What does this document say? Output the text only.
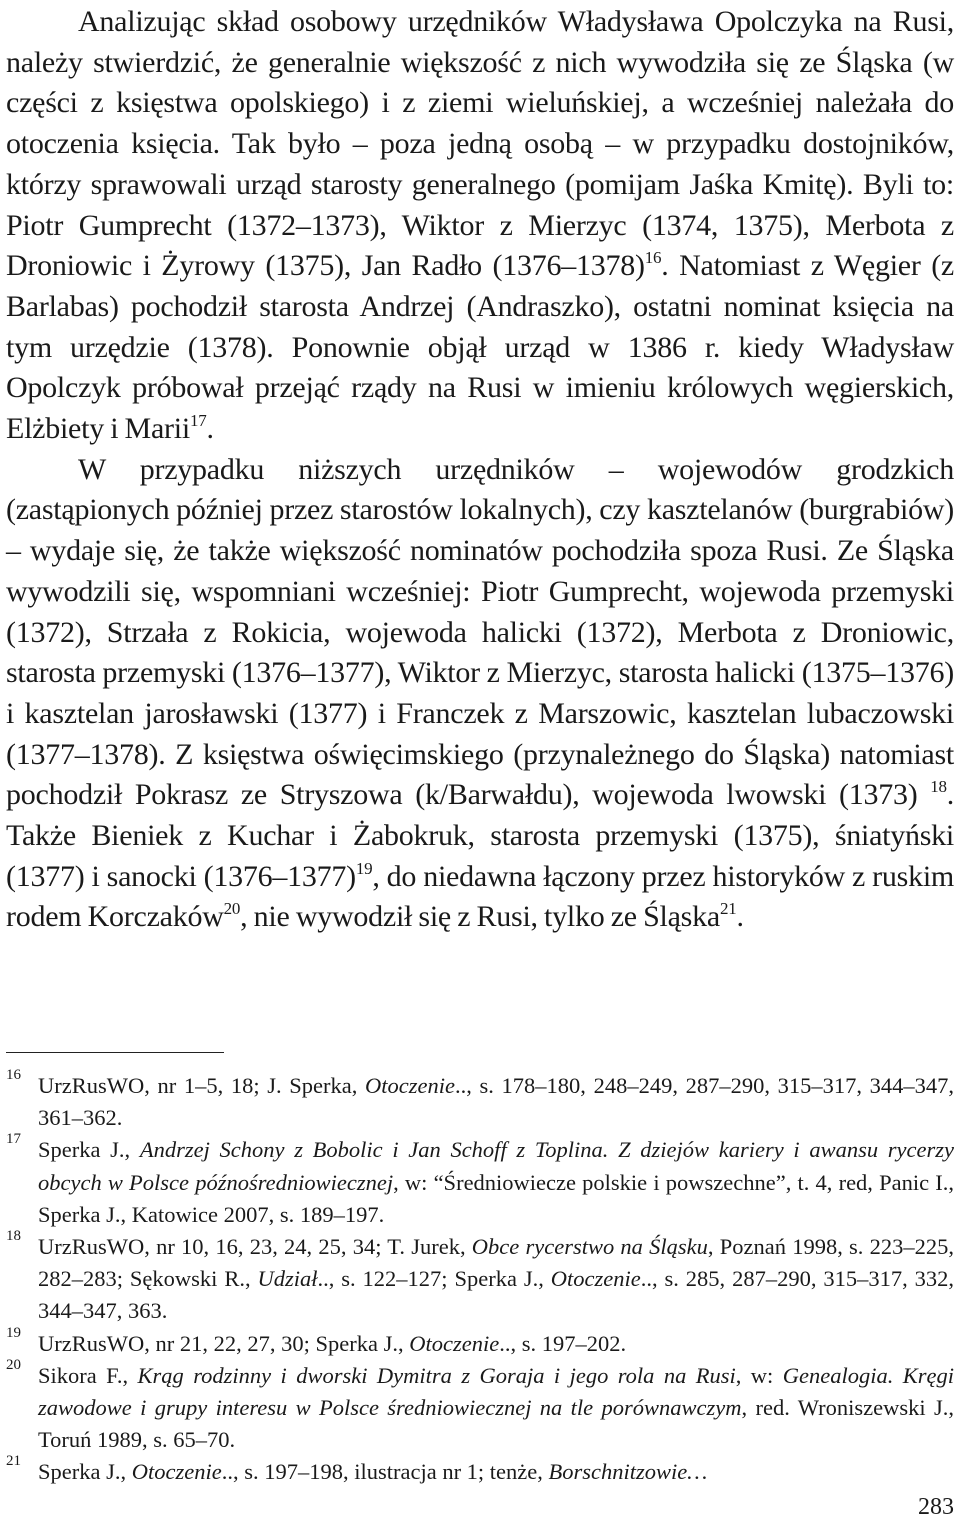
Analizując skład osobowy urzędników Władysława Opolczyka na Rusi, należy stwierdzić, że generalnie większość z nich wywodziła się ze Śląska (w części z księstwa opolskiego) i z ziemi wieluńskiej, a wcześniej należała do otoczenia księcia. Tak było – poza jedną osobą – w przypadku dostojników, którzy sprawowali urząd starosty generalnego (pomijam Jaśka Kmitę). Byli to: Piotr Gumprecht (1372–1373), Wiktor z Mierzyc (1374, 1375), Merbota z Droniowic i Żyrowy (1375), Jan Radło (1376–1378)$^{16}$. Natomiast z Węgier (z Barlabas) pochodził starosta Andrzej (Andraszko), ostatni nominat księcia na tym urzędzie (1378). Ponownie objął urząd w 1386 r. kiedy Władysław Opolczyk próbował przejąć rządy na Rusi w imieniu królowych węgierskich, Elżbiety i Marii$^{17}$.

W przypadku niższych urzędników – wojewodów grodzkich (zastąpionych później przez starostów lokalnych), czy kasztelanów (burgrabiów) – wydaje się, że także większość nominatów pochodziła spoza Rusi. Ze Śląska wywodzili się, wspomniani wcześniej: Piotr Gumprecht, wojewoda przemyski (1372), Strzała z Rokicia, wojewoda halicki (1372), Merbota z Droniowic, starosta przemyski (1376–1377), Wiktor z Mierzyc, starosta halicki (1375–1376) i kasztelan jarosławski (1377) i Franczek z Marszowic, kasztelan lubaczowski (1377–1378). Z księstwa oświęcimskiego (przynależnego do Śląska) natomiast pochodził Pokrasz ze Stryszowa (k/Barwałdu), wojewoda lwowski (1373) $^{18}$. Także Bieniek z Kuchar i Żabokruk, starosta przemyski (1375), śniatyński (1377) i sanocki (1376–1377)$^{19}$, do niedawna łączony przez historyków z ruskim rodem Korczaków$^{20}$, nie wywodził się z Rusi, tylko ze Śląska$^{21}$.

16 UrzRusWO, nr 1–5, 18; J. Sperka, Otoczenie.., s. 178–180, 248–249, 287–290, 315–317, 344–347, 361–362.
17 Sperka J., Andrzej Schony z Bobolic i Jan Schoff z Toplina. Z dziejów kariery i awansu rycerzy obcych w Polsce późnośredniowiecznej, w: “Średniowiecze polskie i powszechne”, t. 4, red, Panic I., Sperka J., Katowice 2007, s. 189–197.
18 UrzRusWO, nr 10, 16, 23, 24, 25, 34; T. Jurek, Obce rycerstwo na Śląsku, Poznań 1998, s. 223–225, 282–283; Sękowski R., Udział.., s. 122–127; Sperka J., Otoczenie.., s. 285, 287–290, 315–317, 332, 344–347, 363.
19 UrzRusWO, nr 21, 22, 27, 30; Sperka J., Otoczenie.., s. 197–202.
20 Sikora F., Krąg rodzinny i dworski Dymitra z Goraja i jego rola na Rusi, w: Genealogia. Kręgi zawodowe i grupy interesu w Polsce średniowiecznej na tle porównawczym, red. Wroniszewski J., Toruń 1989, s. 65–70.
21 Sperka J., Otoczenie.., s. 197–198, ilustracja nr 1; tenże, Borschnitzowie…
283
